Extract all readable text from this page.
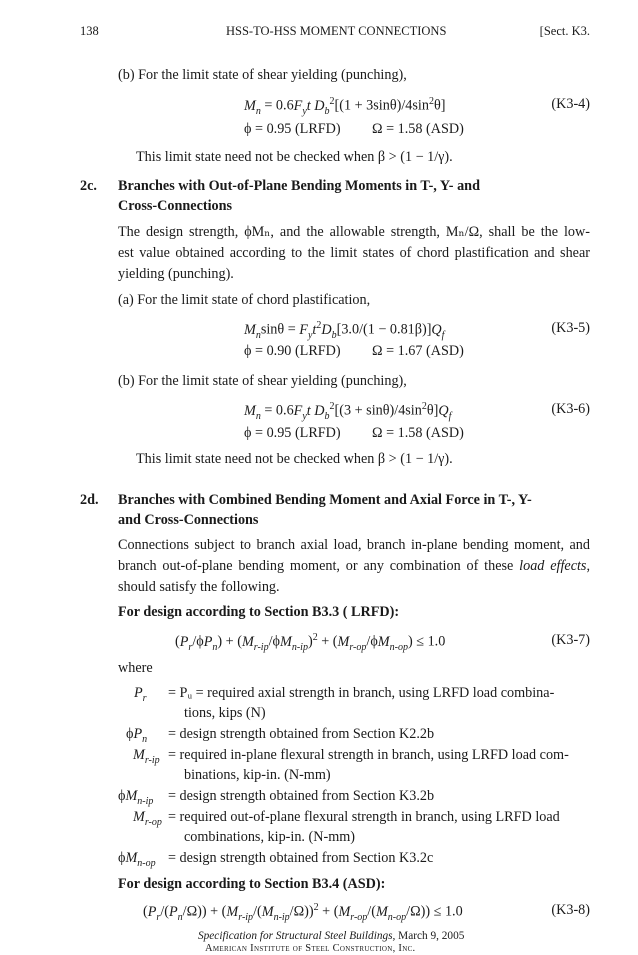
138	HSS-TO-HSS MOMENT CONNECTIONS	[Sect. K3.
(b) For the limit state of shear yielding (punching),
$M_n = 0.6F_yt$ $D_b^2[(1 + 3\sin\theta)/4\sin^2\theta]$	(K3-4)
ϕ = 0.95 (LRFD) Ω = 1.58 (ASD)
This limit state need not be checked when β > (1 − 1/γ).
2c. Branches with Out-of-Plane Bending Moments in T-, Y- and
Cross-Connections
The design strength, ϕMₙ, and the allowable strength, Mₙ/Ω, shall be the low-
est value obtained according to the limit states of chord plastification and shear
yielding (punching).
(a) For the limit state of chord plastification,
$M_n\sin\theta = F_yt^2D_b[3.0/(1 - 0.81\beta)]Q_f$	(K3-5)
ϕ = 0.90 (LRFD) Ω = 1.67 (ASD)
(b) For the limit state of shear yielding (punching),
$M_n = 0.6F_yt$ $D_b^2[(3 + \sin\theta)/4\sin^2\theta]Q_f$	(K3-6)
ϕ = 0.95 (LRFD) Ω = 1.58 (ASD)
This limit state need not be checked when β > (1 − 1/γ).
2d. Branches with Combined Bending Moment and Axial Force in T-, Y-
and Cross-Connections
Connections subject to branch axial load, branch in-plane bending moment, and
branch out-of-plane bending moment, or any combination of these load effects,
should satisfy the following.
For design according to Section B3.3 ( LRFD):
$(P_r/\phi P_n) + (M_{r-ip}/\phi M_{n-ip})^2 + (M_{r-op}/\phi M_{n-op}) \le 1.0$	(K3-7)
where
$P_r$	= Pᵤ = required axial strength in branch, using LRFD load combina-
tions, kips (N)
$\phi P_n$	= design strength obtained from Section K2.2b
$M_{r-ip}$ = required in-plane flexural strength in branch, using LRFD load com-
binations, kip-in. (N-mm)
$\phi M_{n-ip}$	= design strength obtained from Section K3.2b
$M_{r-op}$ = required out-of-plane flexural strength in branch, using LRFD load
combinations, kip-in. (N-mm)
$\phi M_{n-op}$ = design strength obtained from Section K3.2c
For design according to Section B3.4 (ASD):
$(P_r/(P_n/\Omega)) + (M_{r-ip}/(M_{n-ip}/\Omega))^2 + (M_{r-op}/(M_{n-op}/\Omega)) \le 1.0$	(K3-8)
Specification for Structural Steel Buildings, March 9, 2005
American Institute of Steel Construction, Inc.
